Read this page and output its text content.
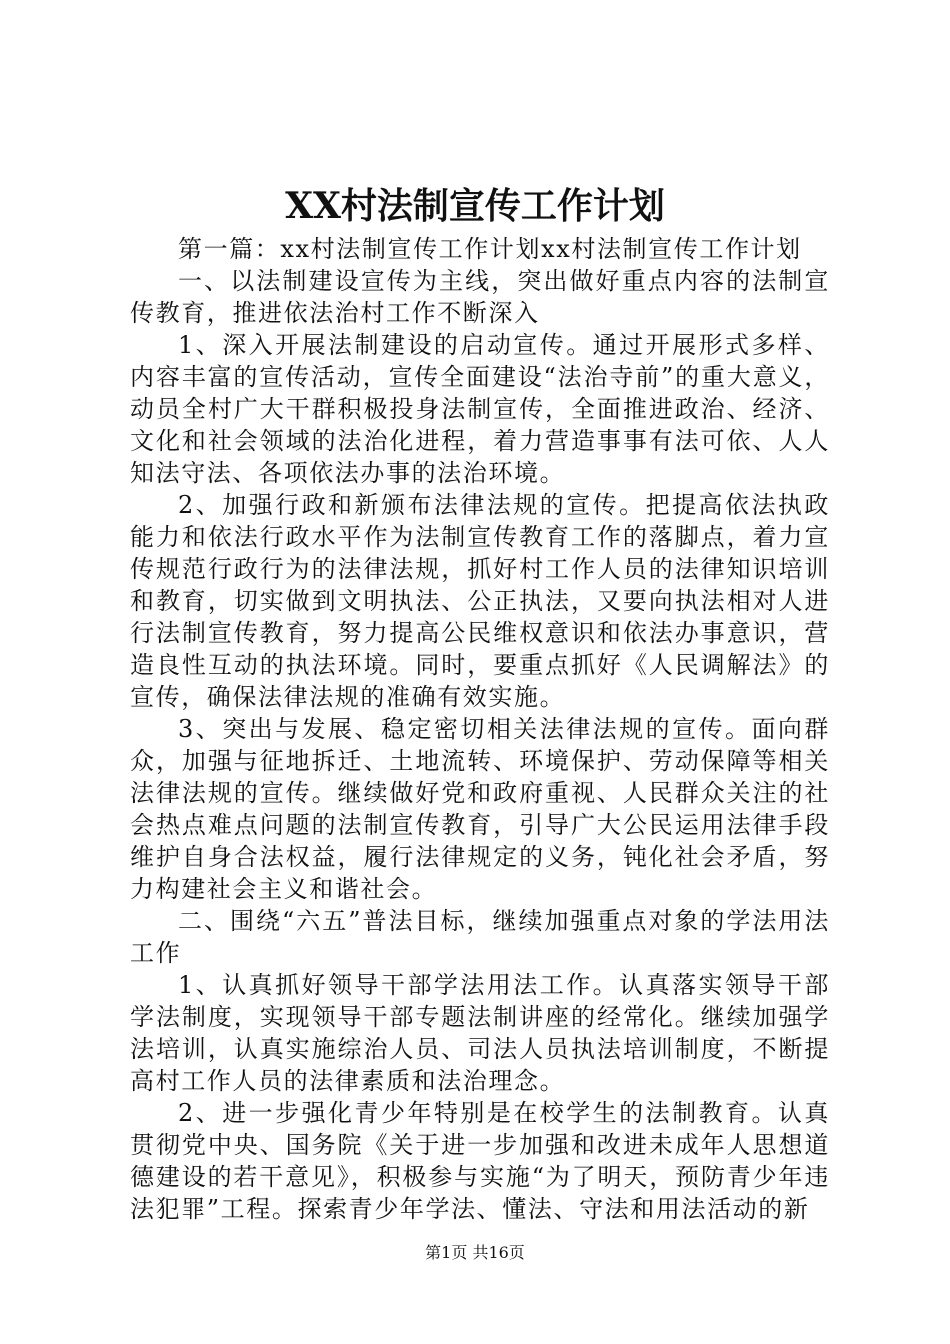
XX村法制宣传工作计划

第一篇：xx村法制宣传工作计划xx村法制宣传工作计划

一、以法制建设宣传为主线，突出做好重点内容的法制宣传教育，推进依法治村工作不断深入

1、深入开展法制建设的启动宣传。通过开展形式多样、内容丰富的宣传活动，宣传全面建设“法治寺前”的重大意义，动员全村广大干群积极投身法制宣传，全面推进政治、经济、文化和社会领域的法治化进程，着力营造事事有法可依、人人知法守法、各项依法办事的法治环境。

2、加强行政和新颁布法律法规的宣传。把提高依法执政能力和依法行政水平作为法制宣传教育工作的落脚点，着力宣传规范行政行为的法律法规，抓好村工作人员的法律知识培训和教育，切实做到文明执法、公正执法，又要向执法相对人进行法制宣传教育，努力提高公民维权意识和依法办事意识，营造良性互动的执法环境。同时，要重点抓好《人民调解法》的宣传，确保法律法规的准确有效实施。

3、突出与发展、稳定密切相关法律法规的宣传。面向群众，加强与征地拆迁、土地流转、环境保护、劳动保障等相关法律法规的宣传。继续做好党和政府重视、人民群众关注的社会热点难点问题的法制宣传教育，引导广大公民运用法律手段维护自身合法权益，履行法律规定的义务，钝化社会矛盾，努力构建社会主义和谐社会。

二、围绕“六五”普法目标，继续加强重点对象的学法用法工作

1、认真抓好领导干部学法用法工作。认真落实领导干部学法制度，实现领导干部专题法制讲座的经常化。继续加强学法培训，认真实施综治人员、司法人员执法培训制度，不断提高村工作人员的法律素质和法治理念。

2、进一步强化青少年特别是在校学生的法制教育。认真贯彻党中央、国务院《关于进一步加强和改进未成年人思想道德建设的若干意见》，积极参与实施“为了明天，预防青少年违法犯罪”工程。探索青少年学法、懂法、守法和用法活动的新

第1页 共16页
